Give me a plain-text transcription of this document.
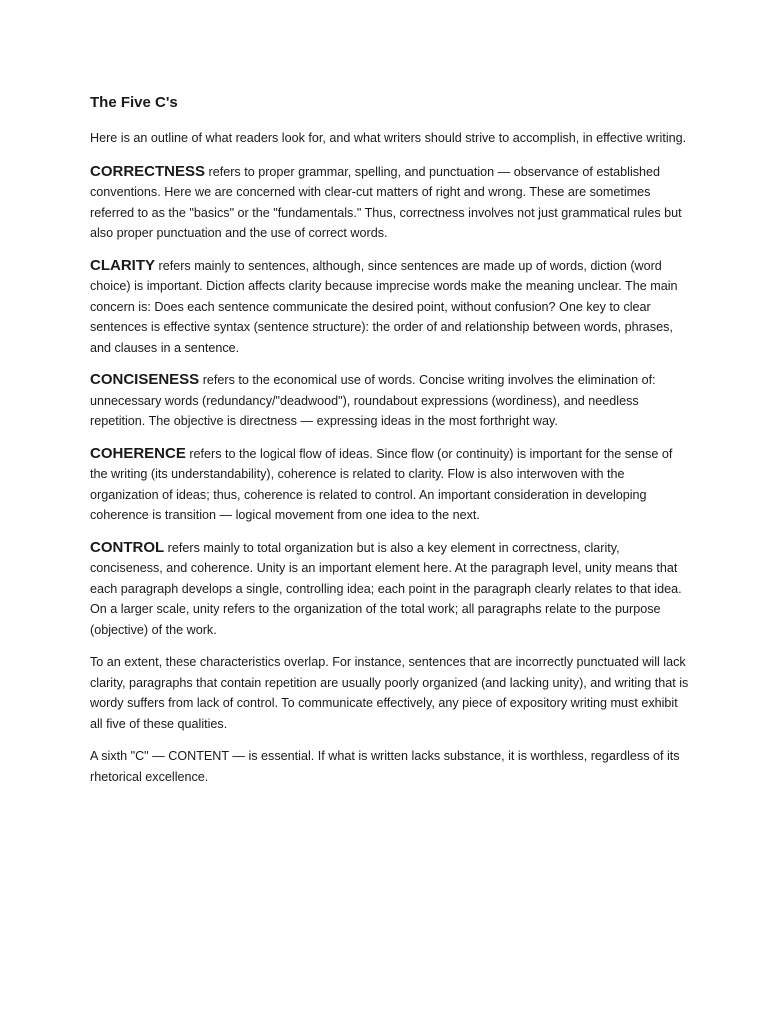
The Five C's

Here is an outline of what readers look for, and what writers should strive to accomplish, in effective writing.

CORRECTNESS refers to proper grammar, spelling, and punctuation — observance of established conventions. Here we are concerned with clear-cut matters of right and wrong. These are sometimes referred to as the "basics" or the "fundamentals." Thus, correctness involves not just grammatical rules but also proper punctuation and the use of correct words.

CLARITY refers mainly to sentences, although, since sentences are made up of words, diction (word choice) is important. Diction affects clarity because imprecise words make the meaning unclear. The main concern is: Does each sentence communicate the desired point, without confusion? One key to clear sentences is effective syntax (sentence structure): the order of and relationship between words, phrases, and clauses in a sentence.

CONCISENESS refers to the economical use of words. Concise writing involves the elimination of: unnecessary words (redundancy/"deadwood"), roundabout expressions (wordiness), and needless repetition. The objective is directness — expressing ideas in the most forthright way.

COHERENCE refers to the logical flow of ideas. Since flow (or continuity) is important for the sense of the writing (its understandability), coherence is related to clarity. Flow is also interwoven with the organization of ideas; thus, coherence is related to control. An important consideration in developing coherence is transition — logical movement from one idea to the next.

CONTROL refers mainly to total organization but is also a key element in correctness, clarity, conciseness, and coherence. Unity is an important element here. At the paragraph level, unity means that each paragraph develops a single, controlling idea; each point in the paragraph clearly relates to that idea. On a larger scale, unity refers to the organization of the total work; all paragraphs relate to the purpose (objective) of the work.

To an extent, these characteristics overlap. For instance, sentences that are incorrectly punctuated will lack clarity, paragraphs that contain repetition are usually poorly organized (and lacking unity), and writing that is wordy suffers from lack of control. To communicate effectively, any piece of expository writing must exhibit all five of these qualities.

A sixth "C" — CONTENT — is essential. If what is written lacks substance, it is worthless, regardless of its rhetorical excellence.
